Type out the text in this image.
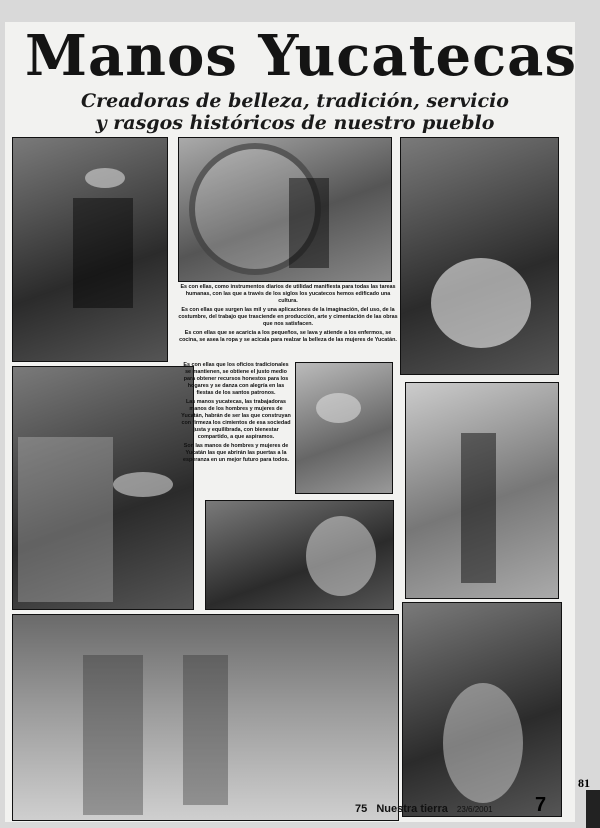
Manos Yucatecas
Creadoras de belleza, tradición, servicio
y rasgos históricos de nuestro pueblo

Es con ellas, como instrumentos diarios de utilidad manifiesta para todas las tareas humanas, con las que a través de los siglos los yucatecos hemos edificado una cultura.

Es con ellas que surgen las mil y una aplicaciones de la imaginación, del uso, de la costumbre, del trabajo que trasciende en producción, arte y cimentación de las obras que nos satisfacen.

Es con ellas que se acaricia a los pequeños, se lava y atiende a los enfermos, se cocina, se asea la ropa y se acicala para realzar la belleza de las mujeres de Yucatán.

Es con ellas que los oficios tradicionales se mantienen, se obtiene el justo medio para obtener recursos honestos para los hogares y se danza con alegría en las fiestas de los santos patronos.

Las manos yucatecas, las trabajadoras manos de los hombres y mujeres de Yucatán, habrán de ser las que construyan con firmeza los cimientos de esa sociedad justa y equilibrada, con bienestar compartido, a que aspiramos.

Son las manos de hombres y mujeres de Yucatán las que abrirán las puertas a la esperanza en un mejor futuro para todos.

75 Nuestra tierra 23/6/2001 7
81
